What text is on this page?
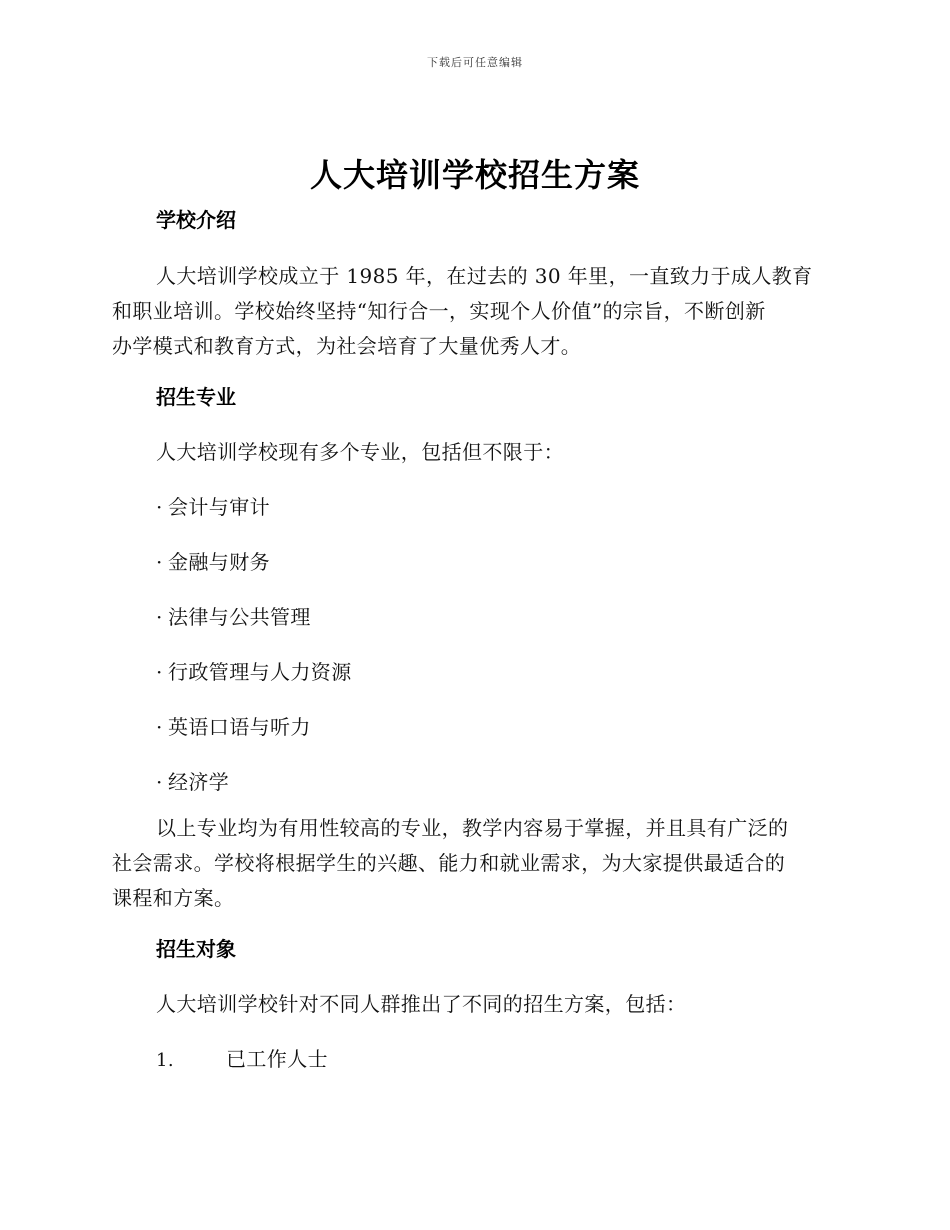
下载后可任意编辑
人大培训学校招生方案
学校介绍
人大培训学校成立于 1985 年，在过去的 30 年里，一直致力于成人教育
和职业培训。学校始终坚持“知行合一，实现个人价值”的宗旨，不断创新
办学模式和教育方式，为社会培育了大量优秀人才。
招生专业
人大培训学校现有多个专业，包括但不限于：
· 会计与审计
· 金融与财务
· 法律与公共管理
· 行政管理与人力资源
· 英语口语与听力
· 经济学
以上专业均为有用性较高的专业，教学内容易于掌握，并且具有广泛的
社会需求。学校将根据学生的兴趣、能力和就业需求，为大家提供最适合的
课程和方案。
招生对象
人大培训学校针对不同人群推出了不同的招生方案，包括：
1.	已工作人士
